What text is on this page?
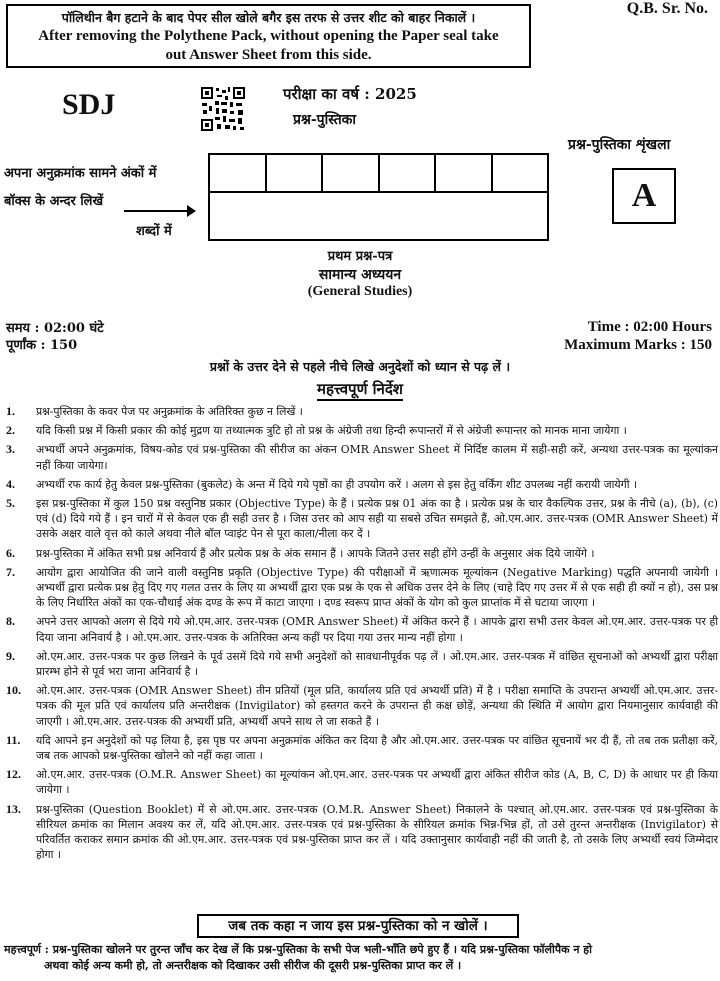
पॉलिथीन बैग हटाने के बाद पेपर सील खोले बगैर इस तरफ से उत्तर शीट को बाहर निकालें ।
After removing the Polythene Pack, without opening the Paper seal take
out Answer Sheet from this side.
Q.B. Sr. No.
SDJ	परीक्षा का वर्ष : 2025
प्रश्न-पुस्तिका
प्रश्न-पुस्तिका शृंखला
A
अपना अनुक्रमांक सामने अंकों में
बॉक्स के अन्दर लिखें
शब्दों में
प्रथम प्रश्न-पत्र
सामान्य अध्ययन
(General Studies)
समय : 02:00 घंटे
पूर्णांक : 150
Time : 02:00 Hours
Maximum Marks : 150
प्रश्नों के उत्तर देने से पहले नीचे लिखे अनुदेशों को ध्यान से पढ़ लें ।
महत्त्वपूर्ण निर्देश
1.	प्रश्न-पुस्तिका के कवर पेज पर अनुक्रमांक के अतिरिक्त कुछ न लिखें ।
2.	यदि किसी प्रश्न में किसी प्रकार की कोई मुद्रण या तथ्यात्मक त्रुटि हो तो प्रश्न के अंग्रेजी तथा हिन्दी रूपान्तरों में से अंग्रेजी रूपान्तर को मानक माना जायेगा ।
3.	अभ्यर्थी अपने अनुक्रमांक, विषय-कोड एवं प्रश्न-पुस्तिका की सीरीज का अंकन OMR Answer Sheet में निर्दिष्ट कालम में सही-सही करें, अन्यथा उत्तर-पत्रक का मूल्यांकन नहीं किया जायेगा।
4.	अभ्यर्थी रफ कार्य हेतु केवल प्रश्न-पुस्तिका (बुकलेट) के अन्त में दिये गये पृष्ठों का ही उपयोग करें । अलग से इस हेतु वर्किंग शीट उपलब्ध नहीं करायी जायेगी ।
5.	इस प्रश्न-पुस्तिका में कुल 150 प्रश्न वस्तुनिष्ठ प्रकार (Objective Type) के हैं । प्रत्येक प्रश्न 01 अंक का है । प्रत्येक प्रश्न के चार वैकल्पिक उत्तर, प्रश्न के नीचे (a), (b), (c) एवं (d) दिये गये हैं । इन चारों में से केवल एक ही सही उत्तर है । जिस उत्तर को आप सही या सबसे उचित समझते हैं, ओ.एम.आर. उत्तर-पत्रक (OMR Answer Sheet) में उसके अक्षर वाले वृत्त को काले अथवा नीले बॉल प्वाइंट पेन से पूरा काला/नीला कर दें ।
6.	प्रश्न-पुस्तिका में अंकित सभी प्रश्न अनिवार्य हैं और प्रत्येक प्रश्न के अंक समान हैं । आपके जितने उत्तर सही होंगे उन्हीं के अनुसार अंक दिये जायेंगे ।
7.	आयोग द्वारा आयोजित की जाने वाली वस्तुनिष्ठ प्रकृति (Objective Type) की परीक्षाओं में ऋणात्मक मूल्यांकन (Negative Marking) पद्धति अपनायी जायेगी । अभ्यर्थी द्वारा प्रत्येक प्रश्न हेतु दिए गए गलत उत्तर के लिए या अभ्यर्थी द्वारा एक प्रश्न के एक से अधिक उत्तर देने के लिए (चाहे दिए गए उत्तर में से एक सही ही क्यों न हो), उस प्रश्न के लिए निर्धारित अंकों का एक-चौथाई अंक दण्ड के रूप में काटा जाएगा । दण्ड स्वरूप प्राप्त अंकों के योग को कुल प्राप्तांक में से घटाया जाएगा ।
8.	अपने उत्तर आपको अलग से दिये गये ओ.एम.आर. उत्तर-पत्रक (OMR Answer Sheet) में अंकित करने हैं । आपके द्वारा सभी उत्तर केवल ओ.एम.आर. उत्तर-पत्रक पर ही दिया जाना अनिवार्य है । ओ.एम.आर. उत्तर-पत्रक के अतिरिक्त अन्य कहीं पर दिया गया उत्तर मान्य नहीं होगा ।
9.	ओ.एम.आर. उत्तर-पत्रक पर कुछ लिखने के पूर्व उसमें दिये गये सभी अनुदेशों को सावधानीपूर्वक पढ़ लें । ओ.एम.आर. उत्तर-पत्रक में वांछित सूचनाओं को अभ्यर्थी द्वारा परीक्षा प्रारम्भ होने से पूर्व भरा जाना अनिवार्य है ।
10.	ओ.एम.आर. उत्तर-पत्रक (OMR Answer Sheet) तीन प्रतियों (मूल प्रति, कार्यालय प्रति एवं अभ्यर्थी प्रति) में है । परीक्षा समाप्ति के उपरान्त अभ्यर्थी ओ.एम.आर. उत्तर-पत्रक की मूल प्रति एवं कार्यालय प्रति अन्तरीक्षक (Invigilator) को हस्तगत करने के उपरान्त ही कक्ष छोड़ें, अन्यथा की स्थिति में आयोग द्वारा नियमानुसार कार्यवाही की जाएगी । ओ.एम.आर. उत्तर-पत्रक की अभ्यर्थी प्रति, अभ्यर्थी अपने साथ ले जा सकते हैं ।
11.	यदि आपने इन अनुदेशों को पढ़ लिया है, इस पृष्ठ पर अपना अनुक्रमांक अंकित कर दिया है और ओ.एम.आर. उत्तर-पत्रक पर वांछित सूचनायें भर दी हैं, तो तब तक प्रतीक्षा करें, जब तक आपको प्रश्न-पुस्तिका खोलने को नहीं कहा जाता ।
12.	ओ.एम.आर. उत्तर-पत्रक (O.M.R. Answer Sheet) का मूल्यांकन ओ.एम.आर. उत्तर-पत्रक पर अभ्यर्थी द्वारा अंकित सीरीज कोड (A, B, C, D) के आधार पर ही किया जायेगा ।
13.	प्रश्न-पुस्तिका (Question Booklet) में से ओ.एम.आर. उत्तर-पत्रक (O.M.R. Answer Sheet) निकालने के पश्चात् ओ.एम.आर. उत्तर-पत्रक एवं प्रश्न-पुस्तिका के सीरियल क्रमांक का मिलान अवश्य कर लें, यदि ओ.एम.आर. उत्तर-पत्रक एवं प्रश्न-पुस्तिका के सीरियल क्रमांक भिन्न-भिन्न हों, तो उसे तुरन्त अन्तरीक्षक (Invigilator) से परिवर्तित कराकर समान क्रमांक की ओ.एम.आर. उत्तर-पत्रक एवं प्रश्न-पुस्तिका प्राप्त कर लें । यदि उक्तानुसार कार्यवाही नहीं की जाती है, तो उसके लिए अभ्यर्थी स्वयं जिम्मेदार होगा ।
जब तक कहा न जाय इस प्रश्न-पुस्तिका को न खोलें ।
महत्त्वपूर्ण : प्रश्न-पुस्तिका खोलने पर तुरन्त जाँच कर देख लें कि प्रश्न-पुस्तिका के सभी पेज भली-भाँति छपे हुए हैं । यदि प्रश्न-पुस्तिका फॉलीपैक न हो
अथवा कोई अन्य कमी हो, तो अन्तरीक्षक को दिखाकर उसी सीरीज की दूसरी प्रश्न-पुस्तिका प्राप्त कर लें ।
